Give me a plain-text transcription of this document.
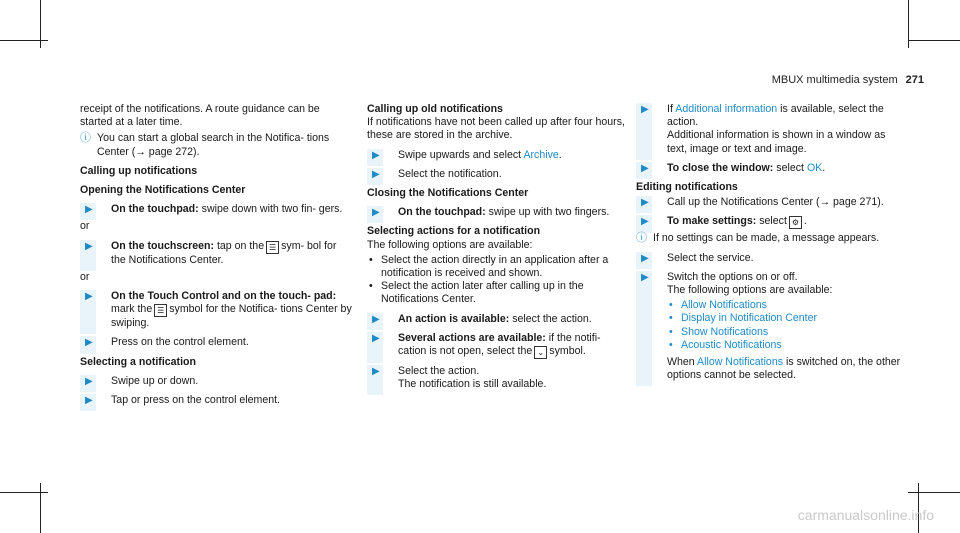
MBUX multimedia system 271

receipt of the notifications. A route guidance can be started at a later time.

ⓘ You can start a global search in the Notifica- tions Center (→ page 272).

Calling up notifications

Opening the Notifications Center

▶ On the touchpad: swipe down with two fin- gers.

or

▶ On the touchscreen: tap on the ☰ sym- bol for the Notifications Center.

or

▶ On the Touch Control and on the touch- pad: mark the ☰ symbol for the Notifica- tions Center by swiping.
▶ Press on the control element.

Selecting a notification

▶ Swipe up or down.
▶ Tap or press on the control element.

Calling up old notifications

If notifications have not been called up after four hours, these are stored in the archive.

▶ Swipe upwards and select Archive.
▶ Select the notification.

Closing the Notifications Center

▶ On the touchpad: swipe up with two fingers.

Selecting actions for a notification

The following options are available:

• Select the action directly in an application after a notification is received and shown.
• Select the action later after calling up in the Notifications Center.
▶ An action is available: select the action.
▶ Several actions are available: if the notifi- cation is not open, select the ⌄ symbol.
▶ Select the action.
The notification is still available.
▶ If Additional information is available, select the action.
Additional information is shown in a window as text, image or text and image.
▶ To close the window: select OK.

Editing notifications

▶ Call up the Notifications Center (→ page 271).
▶ To make settings: select ⚙ .
ⓘ If no settings can be made, a message appears.
▶ Select the service.
▶ Switch the options on or off.
The following options are available:
• Allow Notifications
• Display in Notification Center
• Show Notifications
• Acoustic Notifications

When Allow Notifications is switched on, the other options cannot be selected.

carmanualsonline.info
